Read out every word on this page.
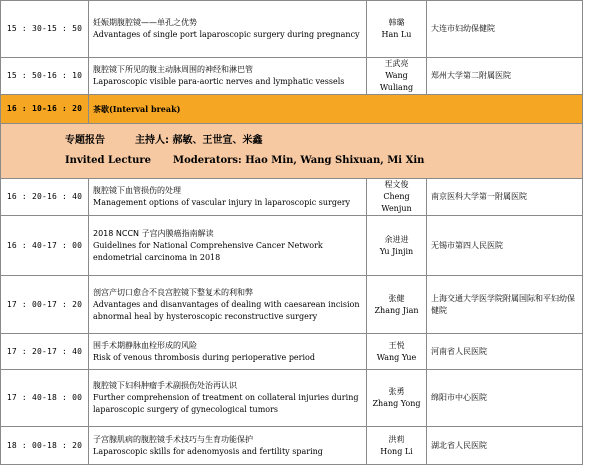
15 : 30-15 : 50	妊娠期腹腔镜——单孔之优势
Advantages of single port laparoscopic surgery during pregnancy	韩璐
Han Lu	大连市妇幼保健院
15 : 50-16 : 10	腹腔镜下所见的腹主动脉周围的神经和淋巴管
Laparoscopic visible para-aortic nerves and lymphatic vessels	王武亮
Wang Wuliang	郑州大学第二附属医院
16 : 10-16 : 20	茶歇(Interval break)		

专题报告 主持人: 郝敏、王世宣、米鑫
Invited Lecture Moderators: Hao Min, Wang Shixuan, Mi Xin			

16 : 20-16 : 40	腹腔镜下血管损伤的处理
Management options of vascular injury in laparoscopic surgery	程文俊
Cheng Wenjun	南京医科大学第一附属医院
16 : 40-17 : 00	2018 NCCN 子宫内膜癌指南解读
Guidelines for National Comprehensive Cancer Network endometrial carcinoma in 2018	余进进
Yu Jinjin	无锡市第四人民医院
17 : 00-17 : 20	剖宫产切口愈合不良宫腔镜下整复术的利和弊
Advantages and disanvantages of dealing with caesarean incision abnormal heal by hysteroscopic reconstructive surgery	张健
Zhang Jian	上海交通大学医学院附属国际和平妇幼保健院
17 : 20-17 : 40	围手术期静脉血栓形成的风险
Risk of venous thrombosis during perioperative period	王悦
Wang Yue	河南省人民医院
17 : 40-18 : 00	腹腔镜下妇科肿瘤手术副损伤处治再认识
Further comprehension of treatment on collateral injuries during laparoscopic surgery of gynecological tumors	张勇
Zhang Yong	绵阳市中心医院
18 : 00-18 : 20	子宫腺肌病的腹腔镜手术技巧与生育功能保护
Laparoscopic skills for adenomyosis and fertility sparing	洪莉
Hong Li	湖北省人民医院
